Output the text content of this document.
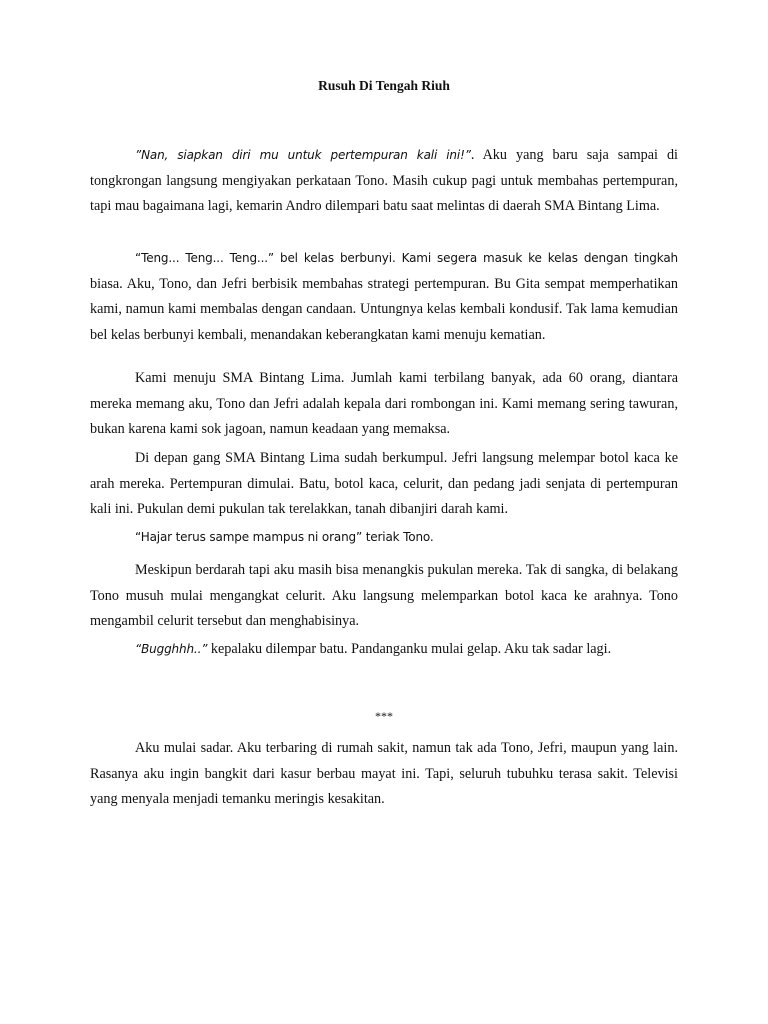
Rusuh Di Tengah Riuh

”Nan, siapkan diri mu untuk pertempuran kali ini!”. Aku yang baru saja sampai di tongkrongan langsung mengiyakan perkataan Tono. Masih cukup pagi untuk membahas pertempuran, tapi mau bagaimana lagi, kemarin Andro dilempari batu saat melintas di daerah SMA Bintang Lima.

“Teng... Teng... Teng...” bel kelas berbunyi. Kami segera masuk ke kelas dengan tingkah biasa. Aku, Tono, dan Jefri berbisik membahas strategi pertempuran. Bu Gita sempat memperhatikan kami, namun kami membalas dengan candaan. Untungnya kelas kembali kondusif. Tak lama kemudian bel kelas berbunyi kembali, menandakan keberangkatan kami menuju kematian.

Kami menuju SMA Bintang Lima. Jumlah kami terbilang banyak, ada 60 orang, diantara mereka memang aku, Tono dan Jefri adalah kepala dari rombongan ini. Kami memang sering tawuran, bukan karena kami sok jagoan, namun keadaan yang memaksa.

Di depan gang SMA Bintang Lima sudah berkumpul. Jefri langsung melempar botol kaca ke arah mereka. Pertempuran dimulai. Batu, botol kaca, celurit, dan pedang jadi senjata di pertempuran kali ini. Pukulan demi pukulan tak terelakkan, tanah dibanjiri darah kami.

“Hajar terus sampe mampus ni orang” teriak Tono.

Meskipun berdarah tapi aku masih bisa menangkis pukulan mereka. Tak di sangka, di belakang Tono musuh mulai mengangkat celurit. Aku langsung melemparkan botol kaca ke arahnya. Tono mengambil celurit tersebut dan menghabisinya.

“Bugghhh..” kepalaku dilempar batu. Pandanganku mulai gelap. Aku tak sadar lagi.

***

Aku mulai sadar. Aku terbaring di rumah sakit, namun tak ada Tono, Jefri, maupun yang lain. Rasanya aku ingin bangkit dari kasur berbau mayat ini. Tapi, seluruh tubuhku terasa sakit. Televisi yang menyala menjadi temanku meringis kesakitan.
